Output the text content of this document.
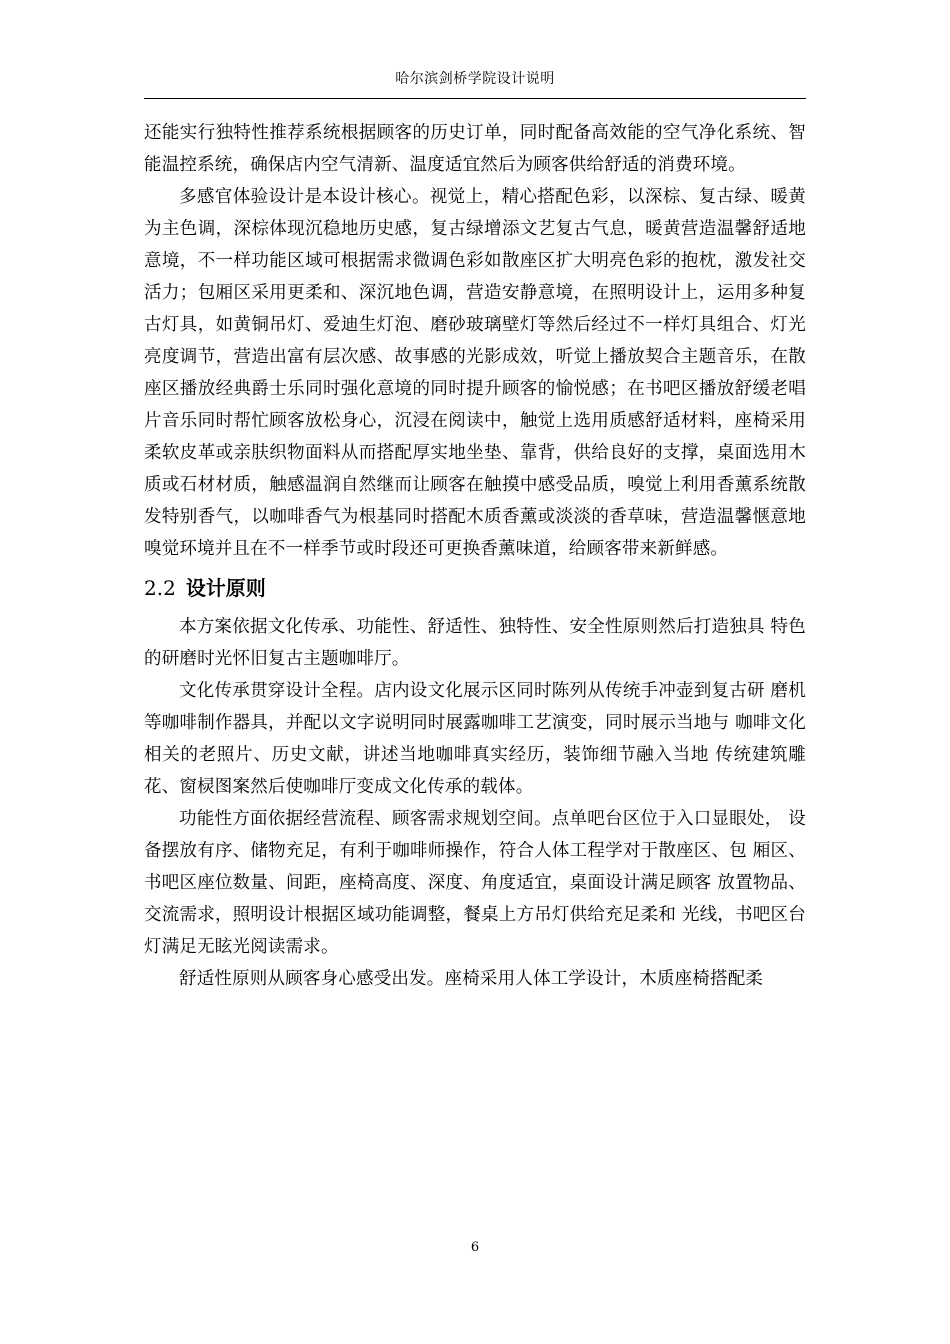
哈尔滨剑桥学院设计说明

还能实行独特性推荐系统根据顾客的历史订单，同时配备高效能的空气净化系统、智能温控系统，确保店内空气清新、温度适宜然后为顾客供给舒适的消费环境。

多感官体验设计是本设计核心。视觉上，精心搭配色彩，以深棕、复古绿、暖黄为主色调，深棕体现沉稳地历史感，复古绿增添文艺复古气息，暖黄营造温馨舒适地意境，不一样功能区域可根据需求微调色彩如散座区扩大明亮色彩的抱枕，激发社交活力；包厢区采用更柔和、深沉地色调，营造安静意境，在照明设计上，运用多种复古灯具，如黄铜吊灯、爱迪生灯泡、磨砂玻璃壁灯等然后经过不一样灯具组合、灯光亮度调节，营造出富有层次感、故事感的光影成效，听觉上播放契合主题音乐，在散座区播放经典爵士乐同时强化意境的同时提升顾客的愉悦感；在书吧区播放舒缓老唱片音乐同时帮忙顾客放松身心，沉浸在阅读中，触觉上选用质感舒适材料，座椅采用柔软皮革或亲肤织物面料从而搭配厚实地坐垫、靠背，供给良好的支撑，桌面选用木质或石材材质，触感温润自然继而让顾客在触摸中感受品质，嗅觉上利用香薰系统散发特别香气，以咖啡香气为根基同时搭配木质香薰或淡淡的香草味，营造温馨惬意地嗅觉环境并且在不一样季节或时段还可更换香薰味道，给顾客带来新鲜感。

2.2 设计原则

本方案依据文化传承、功能性、舒适性、独特性、安全性原则然后打造独具 特色的研磨时光怀旧复古主题咖啡厅。

文化传承贯穿设计全程。店内设文化展示区同时陈列从传统手冲壶到复古研 磨机等咖啡制作器具，并配以文字说明同时展露咖啡工艺演变，同时展示当地与 咖啡文化相关的老照片、历史文献，讲述当地咖啡真实经历，装饰细节融入当地 传统建筑雕花、窗棂图案然后使咖啡厅变成文化传承的载体。

功能性方面依据经营流程、顾客需求规划空间。点单吧台区位于入口显眼处， 设备摆放有序、储物充足，有利于咖啡师操作，符合人体工程学对于散座区、包 厢区、书吧区座位数量、间距，座椅高度、深度、角度适宜，桌面设计满足顾客 放置物品、交流需求，照明设计根据区域功能调整，餐桌上方吊灯供给充足柔和 光线，书吧区台灯满足无眩光阅读需求。

舒适性原则从顾客身心感受出发。座椅采用人体工学设计，木质座椅搭配柔

6
